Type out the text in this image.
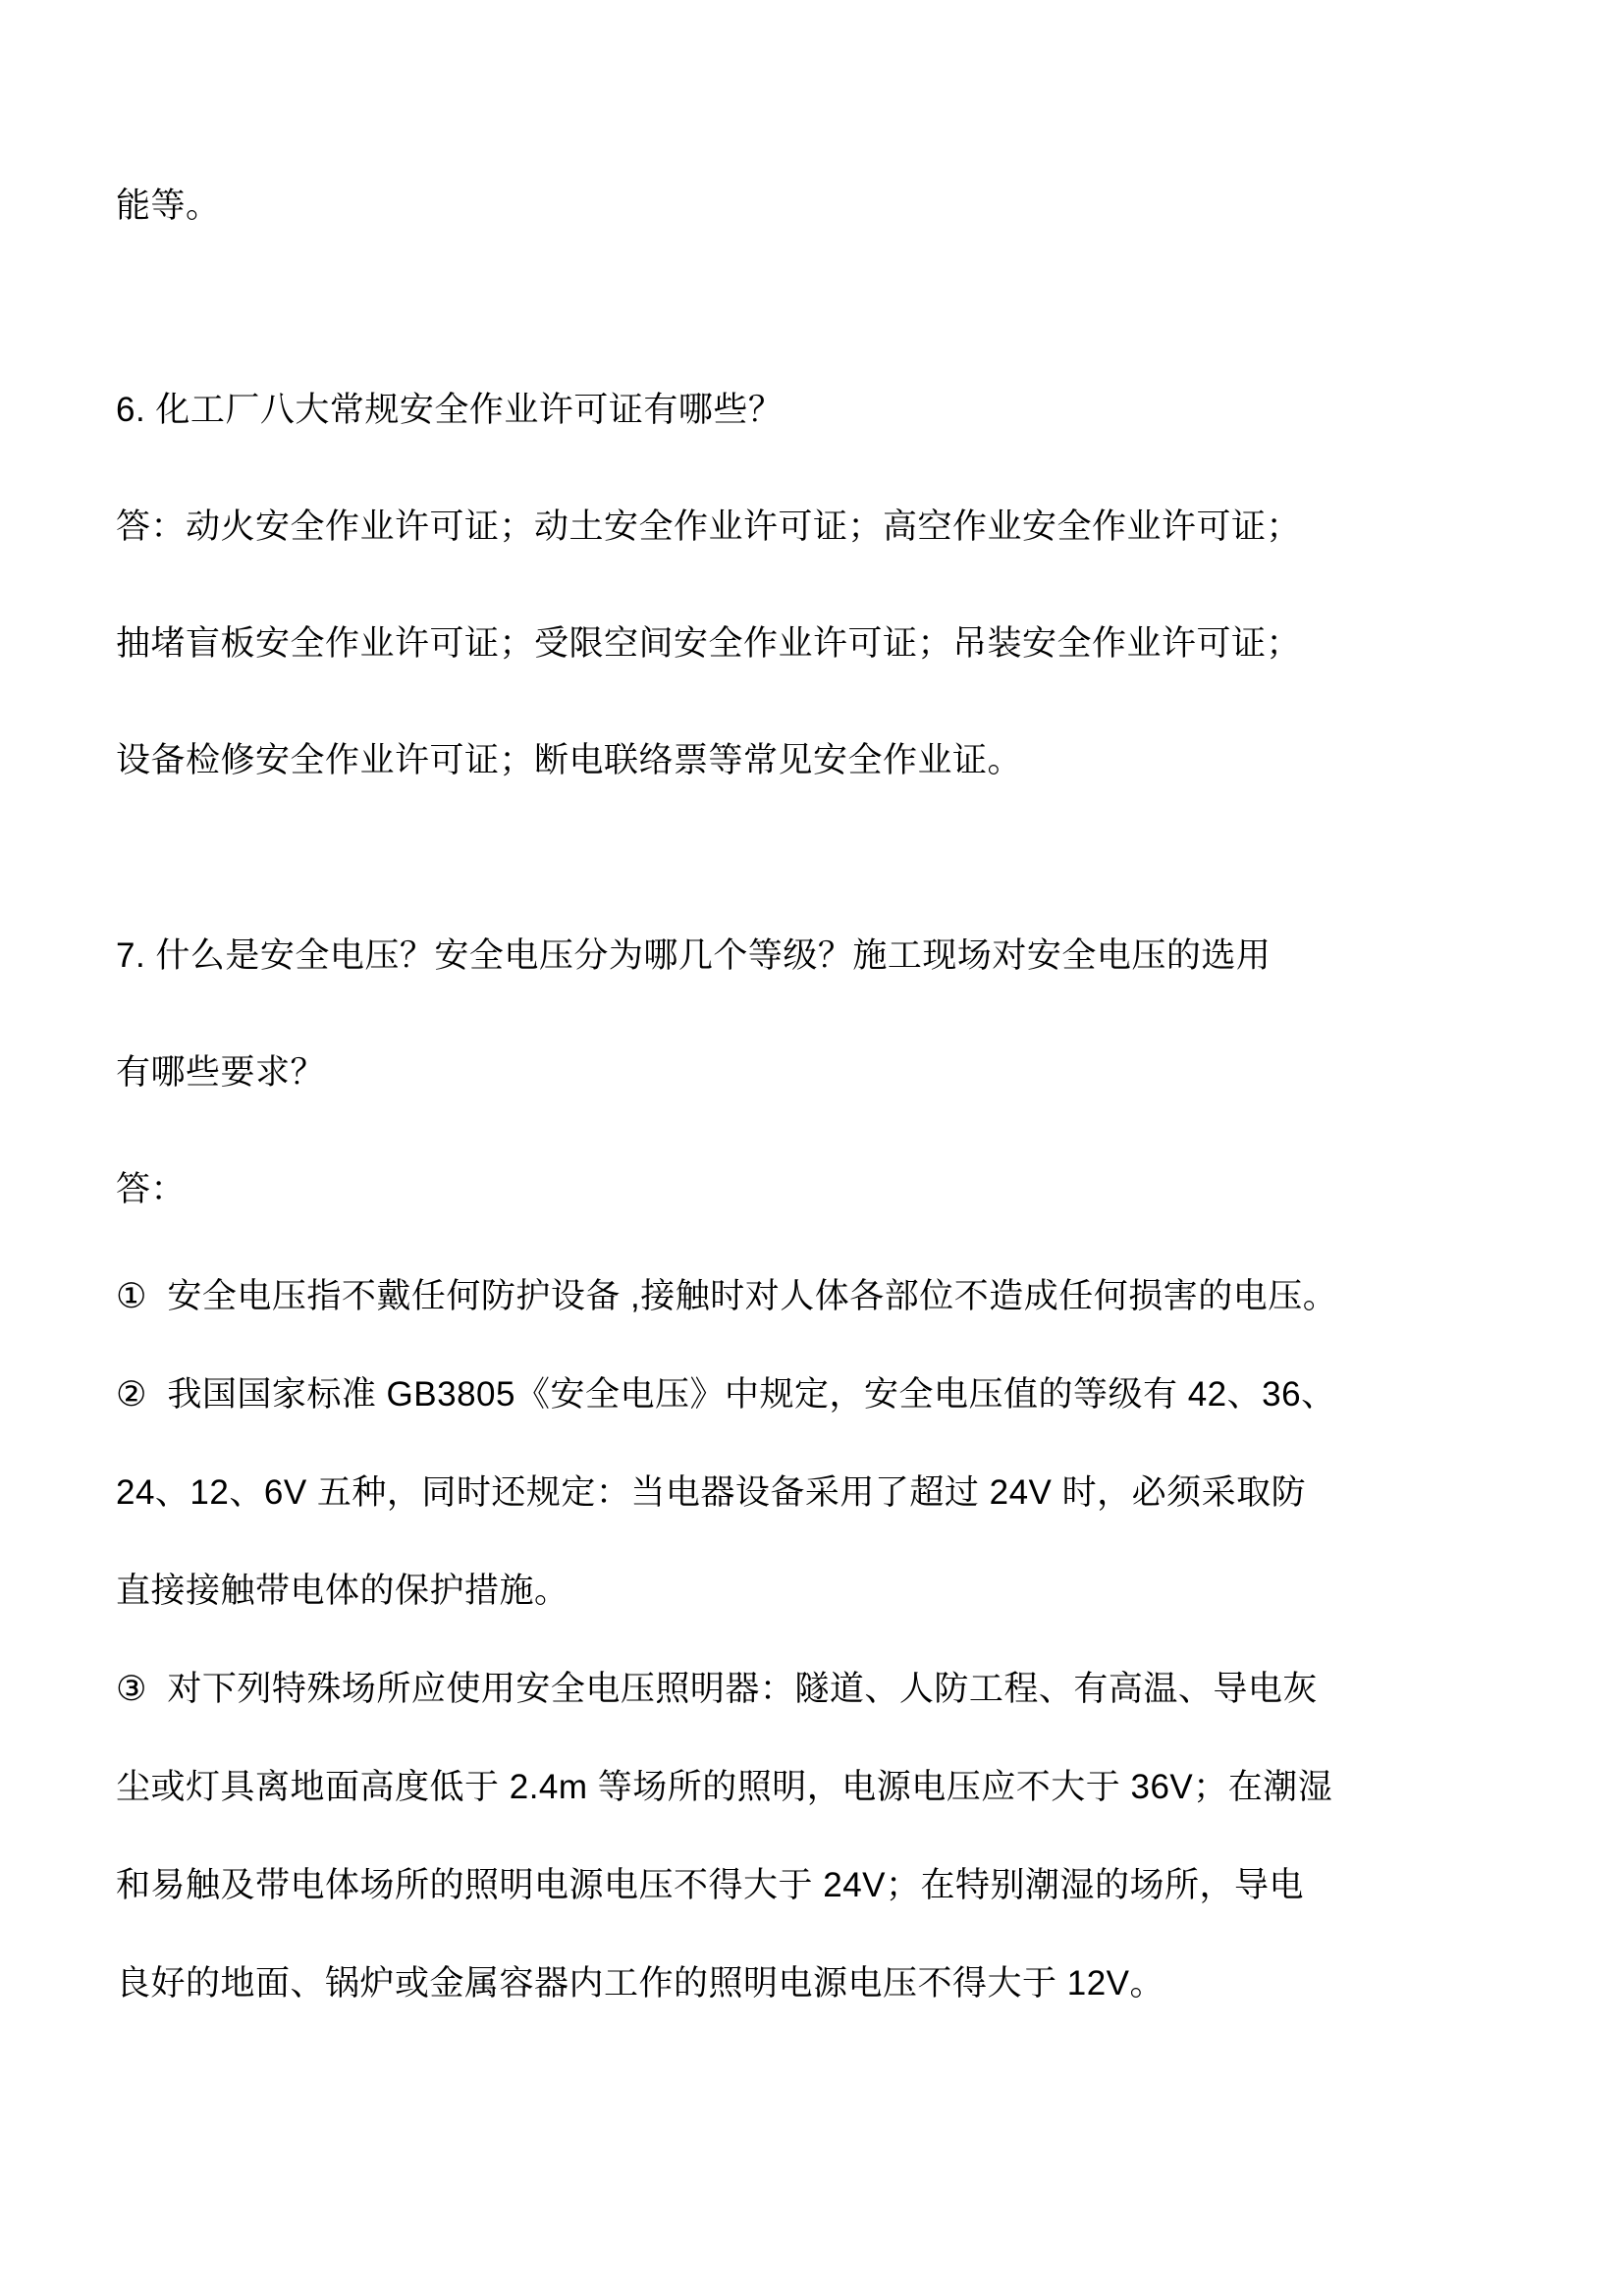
能等。
6. 化工厂八大常规安全作业许可证有哪些？
答：动火安全作业许可证；动土安全作业许可证；高空作业安全作业许可证；
抽堵盲板安全作业许可证；受限空间安全作业许可证；吊装安全作业许可证；
设备检修安全作业许可证；断电联络票等常见安全作业证。
7. 什么是安全电压？安全电压分为哪几个等级？施工现场对安全电压的选用
有哪些要求？
答：
①  安全电压指不戴任何防护设备 ,接触时对人体各部位不造成任何损害的电压。
②  我国国家标准 GB3805《安全电压》中规定，安全电压值的等级有 42、36、
24、12、6V 五种，同时还规定：当电器设备采用了超过 24V 时，必须采取防
直接接触带电体的保护措施。
③  对下列特殊场所应使用安全电压照明器：隧道、人防工程、有高温、导电灰
尘或灯具离地面高度低于 2.4m 等场所的照明，电源电压应不大于 36V；在潮湿
和易触及带电体场所的照明电源电压不得大于 24V；在特别潮湿的场所，导电
良好的地面、锅炉或金属容器内工作的照明电源电压不得大于 12V。
